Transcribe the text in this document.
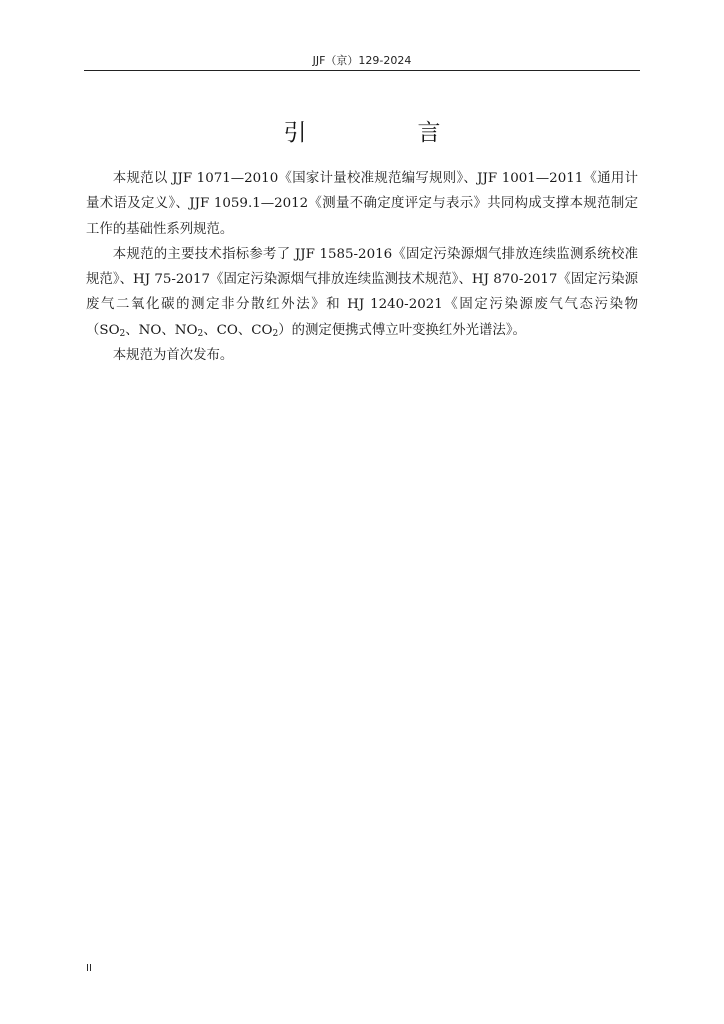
JJF（京）129-2024
引　言

本规范以 JJF 1071—2010《国家计量校准规范编写规则》、JJF 1001—2011《通用计量术语及定义》、JJF 1059.1—2012《测量不确定度评定与表示》共同构成支撑本规范制定工作的基础性系列规范。

本规范的主要技术指标参考了 JJF 1585-2016《固定污染源烟气排放连续监测系统校准规范》、HJ 75-2017《固定污染源烟气排放连续监测技术规范》、HJ 870-2017《固定污染源废气二氧化碳的测定非分散红外法》和 HJ 1240-2021《固定污染源废气气态污染物（$SO_2$、NO、$NO_2$、CO、$CO_2$）的测定便携式傅立叶变换红外光谱法》。

本规范为首次发布。

II
